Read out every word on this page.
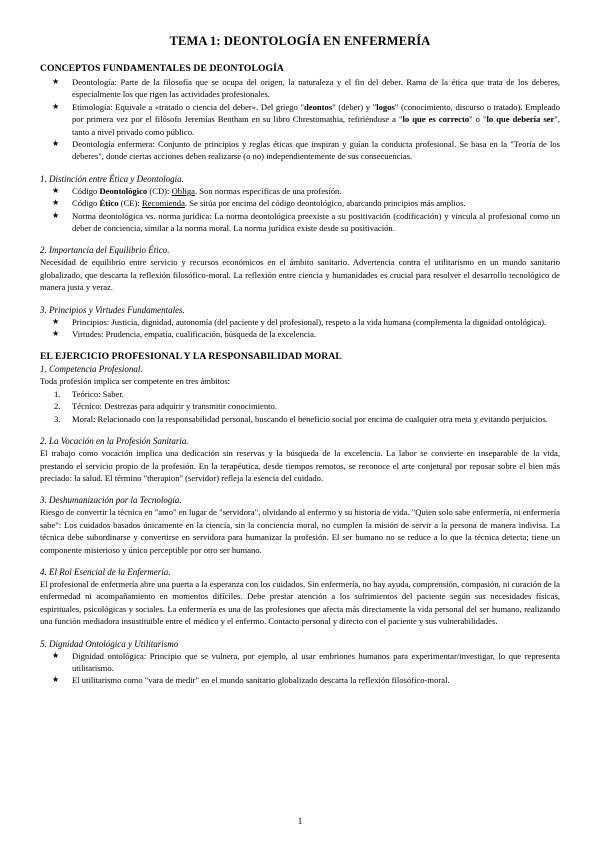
TEMA 1: DEONTOLOGÍA EN ENFERMERÍA
CONCEPTOS FUNDAMENTALES DE DEONTOLOGÍA
★ Deontología: Parte de la filosofía que se ocupa del origen, la naturaleza y el fin del deber. Rama de la ética que trata de los deberes, especialmente los que rigen las actividades profesionales.
★ Etimología: Equivale a «tratado o ciencia del deber». Del griego "deontos" (deber) y "logos" (conocimiento, discurso o tratado). Empleado por primera vez por el filósofo Jeremías Bentham en su libro Chrestomathia, refiriéndose a "lo que es correcto" o "lo que debería ser", tanto a nivel privado como público.
★ Deontología enfermera: Conjunto de principios y reglas éticas que inspiran y guían la conducta profesional. Se basa en la "Teoría de los deberes", donde ciertas acciones deben realizarse (o no) independientemente de sus consecuencias.
1. Distinción entre Ética y Deontología.
★ Código Deontológico (CD): Obliga. Son normas específicas de una profesión.
★ Código Ético (CE): Recomienda. Se sitúa por encima del código deontológico, abarcando principios más amplios.
★ Norma deontológica vs. norma jurídica: La norma deontológica preexiste a su positivación (codificación) y vincula al profesional como un deber de conciencia, similar a la norma moral. La norma jurídica existe desde su positivación.
2. Importancia del Equilibrio Ético.

Necesidad de equilibrio entre servicio y recursos económicos en el ámbito sanitario. Advertencia contra el utilitarismo en un mundo sanitario globalizado, que descarta la reflexión filosófico-moral. La reflexión entre ciencia y humanidades es crucial para resolver el desarrollo tecnológico de manera justa y veraz.

3. Principios y Virtudes Fundamentales.
★ Principios: Justicia, dignidad, autonomía (del paciente y del profesional), respeto a la vida humana (complementa la dignidad ontológica).
★ Virtudes: Prudencia, empatía, cualificación, búsqueda de la excelencia.
EL EJERCICIO PROFESIONAL Y LA RESPONSABILIDAD MORAL
1. Competencia Profesional.

Toda profesión implica ser competente en tres ámbitos:

1. Teórico: Saber.
2. Técnico: Destrezas para adquirir y transmitir conocimiento.
3. Moral: Relacionado con la responsabilidad personal, buscando el beneficio social por encima de cualquier otra meta y evitando perjuicios.
2. La Vocación en la Profesión Sanitaria.

El trabajo como vocación implica una dedicación sin reservas y la búsqueda de la excelencia. La labor se convierte en inseparable de la vida, prestando el servicio propio de la profesión. En la terapéutica, desde tiempos remotos, se reconoce el arte conjetural por reposar sobre el bien más preciado: la salud. El término "therapion" (servidor) refleja la esencia del cuidado.

3. Deshumanización por la Tecnología.

Riesgo de convertir la técnica en "amo" en lugar de "servidora", olvidando al enfermo y su historia de vida. "Quien solo sabe enfermería, ni enfermería sabe": Los cuidados basados únicamente en la ciencia, sin la conciencia moral, no cumplen la misión de servir a la persona de manera indivisa. La técnica debe subordinarse y convertirse en servidora para humanizar la profesión. El ser humano no se reduce a lo que la técnica detecta; tiene un componente misterioso y único perceptible por otro ser humano.

4. El Rol Esencial de la Enfermería.

El profesional de enfermería abre una puerta a la esperanza con los cuidados. Sin enfermería, no hay ayuda, comprensión, compasión, ni curación de la enfermedad ni acompañamiento en momentos difíciles. Debe prestar atención a los sufrimientos del paciente según sus necesidades físicas, espirituales, psicológicas y sociales. La enfermería es una de las profesiones que afecta más directamente la vida personal del ser humano, realizando una función mediadora insustituible entre el médico y el enfermo. Contacto personal y directo con el paciente y sus vulnerabilidades.

5. Dignidad Ontológica y Utilitarismo
★ Dignidad ontológica: Principio que se vulnera, por ejemplo, al usar embriones humanos para experimentar/investigar, lo que representa utilitarismo.
★ El utilitarismo como "vara de medir" en el mundo sanitario globalizado descarta la reflexión filosófico-moral.
1
